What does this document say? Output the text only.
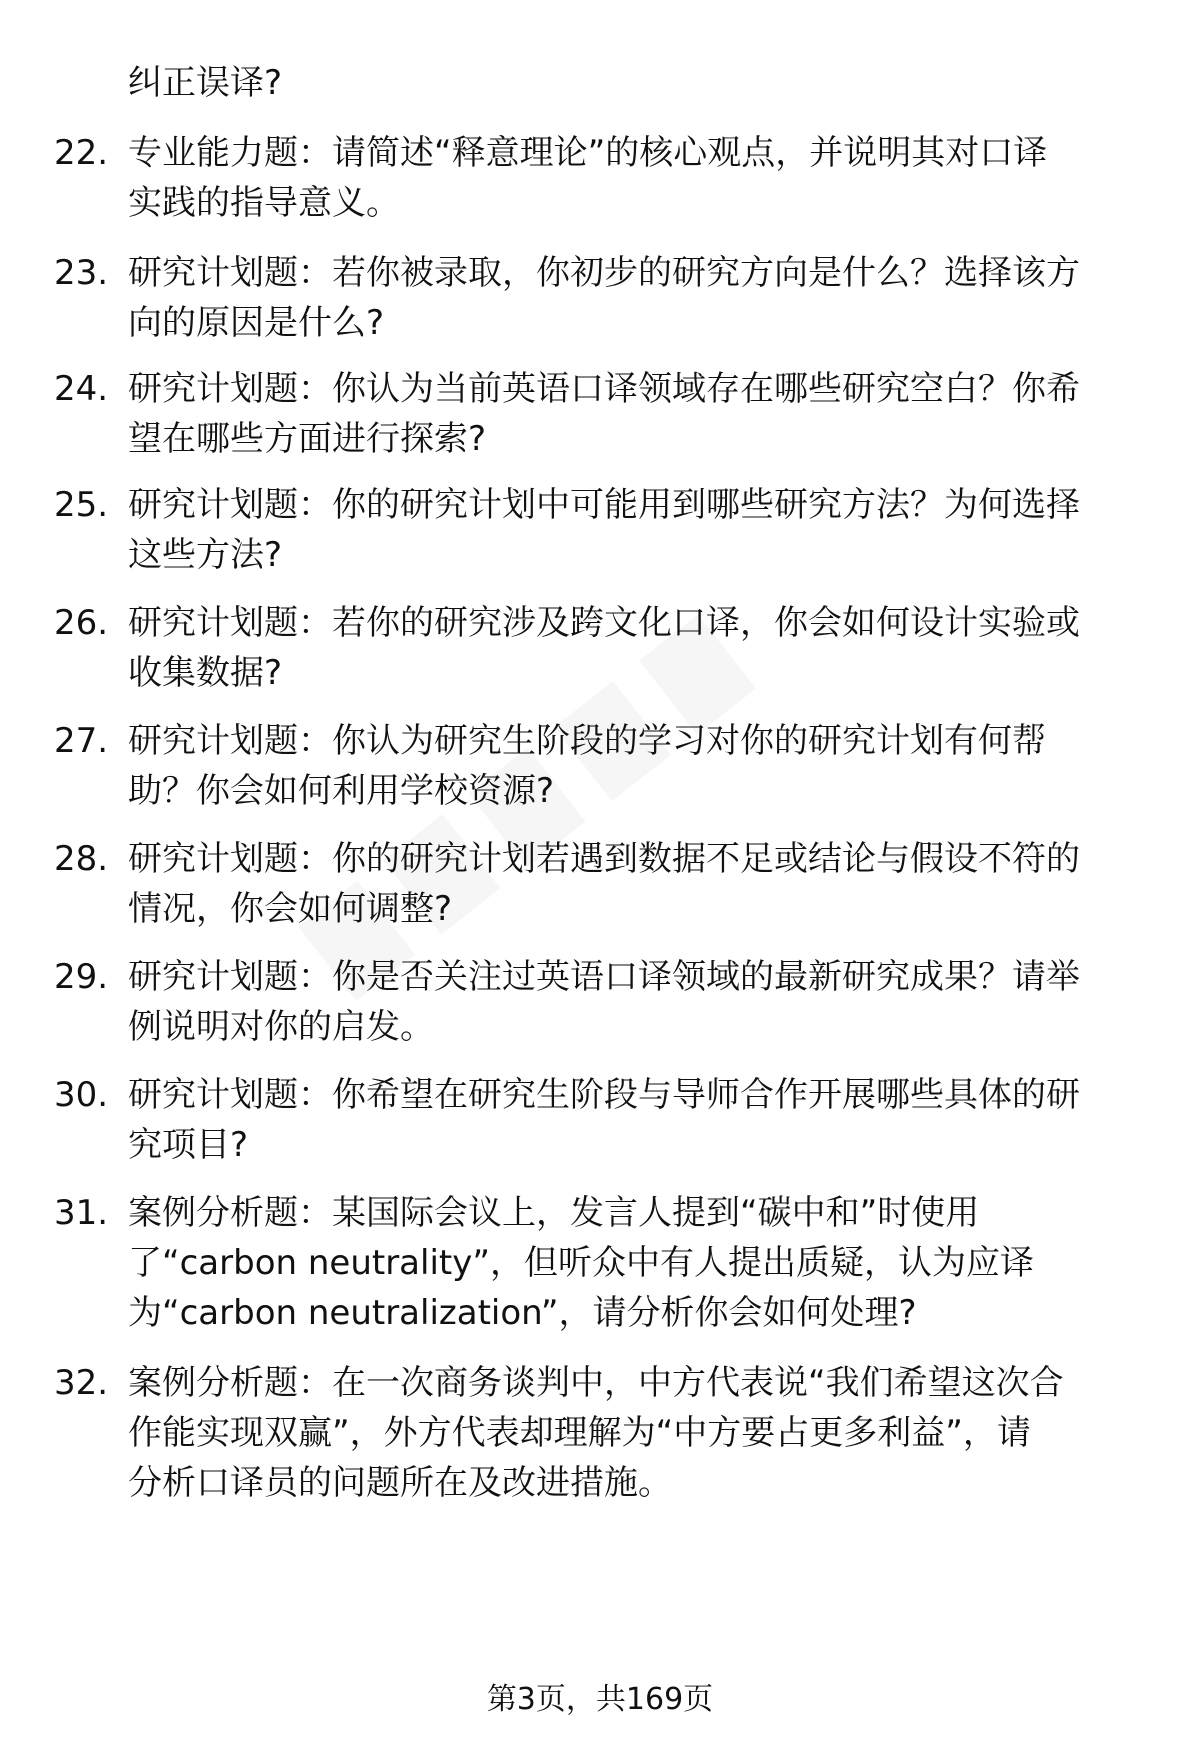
纠正误译?
22. 专业能力题：请简述“释意理论”的核心观点，并说明其对口译
实践的指导意义。
23. 研究计划题：若你被录取，你初步的研究方向是什么？选择该方
向的原因是什么?
24. 研究计划题：你认为当前英语口译领域存在哪些研究空白？你希
望在哪些方面进行探索?
25. 研究计划题：你的研究计划中可能用到哪些研究方法？为何选择
这些方法?
26. 研究计划题：若你的研究涉及跨文化口译，你会如何设计实验或
收集数据?
27. 研究计划题：你认为研究生阶段的学习对你的研究计划有何帮
助？你会如何利用学校资源?
28. 研究计划题：你的研究计划若遇到数据不足或结论与假设不符的
情况，你会如何调整?
29. 研究计划题：你是否关注过英语口译领域的最新研究成果？请举
例说明对你的启发。
30. 研究计划题：你希望在研究生阶段与导师合作开展哪些具体的研
究项目?
31. 案例分析题：某国际会议上，发言人提到“碳中和”时使用
了“carbon neutrality”，但听众中有人提出质疑，认为应译
为“carbon neutralization”，请分析你会如何处理?
32. 案例分析题：在一次商务谈判中，中方代表说“我们希望这次合
作能实现双赢”，外方代表却理解为“中方要占更多利益”，请
分析口译员的问题所在及改进措施。
第3页，共169页
